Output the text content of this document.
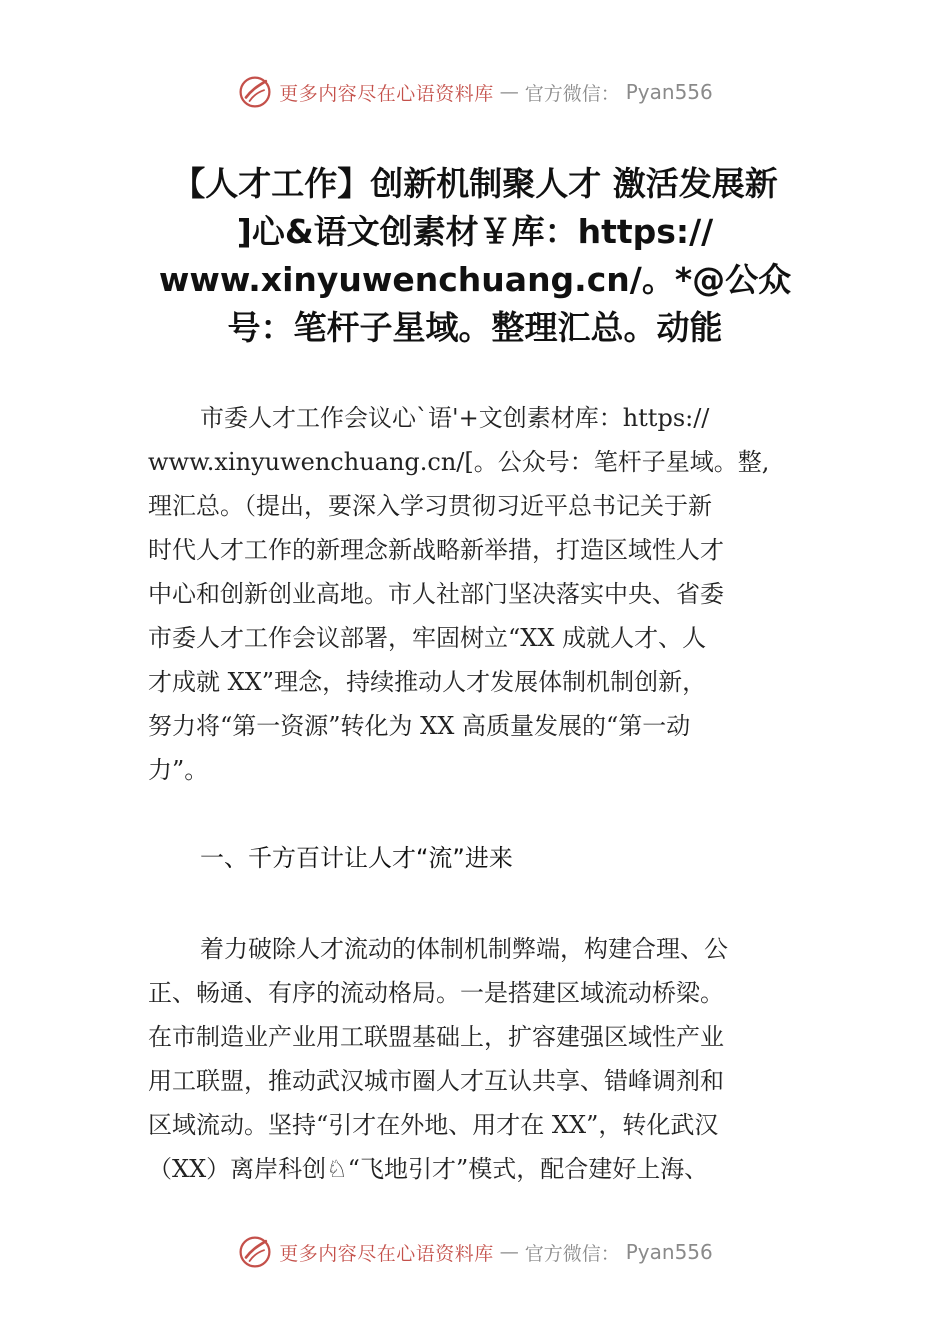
更多内容尽在心语资料库 — 官方微信： Pyan556
【人才工作】创新机制聚人才 激活发展新
]心&语文创素材￥库：https://
www.xinyuwenchuang.cn/。*@公众
号：笔杆子星域。整理汇总。动能
市委人才工作会议心`语'+文创素材库：https://
www.xinyuwenchuang.cn/[。公众号：笔杆子星域。整,
理汇总。（提出，要深入学习贯彻习近平总书记关于新
时代人才工作的新理念新战略新举措，打造区域性人才
中心和创新创业高地。市人社部门坚决落实中央、省委
市委人才工作会议部署，牢固树立“XX 成就人才、人
才成就 XX”理念，持续推动人才发展体制机制创新，
努力将“第一资源”转化为 XX 高质量发展的“第一动
力”。
一、千方百计让人才“流”进来
着力破除人才流动的体制机制弊端，构建合理、公
正、畅通、有序的流动格局。一是搭建区域流动桥梁。
在市制造业产业用工联盟基础上，扩容建强区域性产业
用工联盟，推动武汉城市圈人才互认共享、错峰调剂和
区域流动。坚持“引才在外地、用才在 XX”，转化武汉
（XX）离岸科创♘“飞地引才”模式，配合建好上海、
更多内容尽在心语资料库 — 官方微信： Pyan556
